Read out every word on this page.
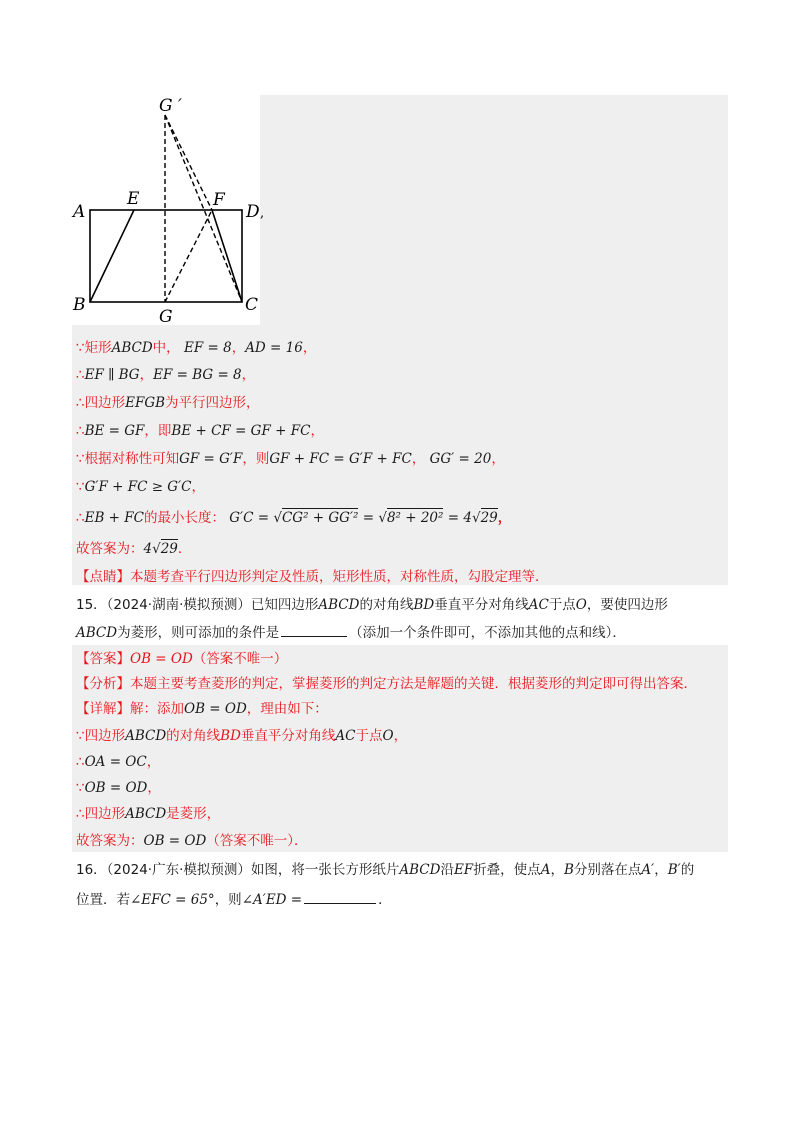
G ′
A
E	F
D ,
B
G
C
∵矩形ABCD中， EF = 8，AD = 16，
∴EF ∥ BG，EF = BG = 8，
∴四边形EFGB为平行四边形，
∴BE = GF，即BE + CF = GF + FC，
∵根据对称性可知GF = G′F，则GF + FC = G′F + FC， GG′ = 20，
∵G′F + FC ≥ G′C，
∴EB + FC的最小长度： G′C = √CG² + GG′² = √8² + 20² = 4√29，
故答案为：4√29．
【点睛】本题考查平行四边形判定及性质，矩形性质，对称性质，勾股定理等．
15．（2024·湖南·模拟预测）已知四边形ABCD的对角线BD垂直平分对角线AC于点O，要使四边形
ABCD为菱形，则可添加的条件是	（添加一个条件即可，不添加其他的点和线）．
【答案】OB = OD（答案不唯一）
【分析】本题主要考查菱形的判定，掌握菱形的判定方法是解题的关键．根据菱形的判定即可得出答案．
【详解】解：添加OB = OD，理由如下：
∵四边形ABCD的对角线BD垂直平分对角线AC于点O，
∴OA = OC，
∵OB = OD，
∴四边形ABCD是菱形，
故答案为：OB = OD（答案不唯一）．
16．（2024·广东·模拟预测）如图，将一张长方形纸片ABCD沿EF折叠，使点A，B分别落在点A′，B′的
位置．若∠EFC = 65°，则∠A′ED =	．
